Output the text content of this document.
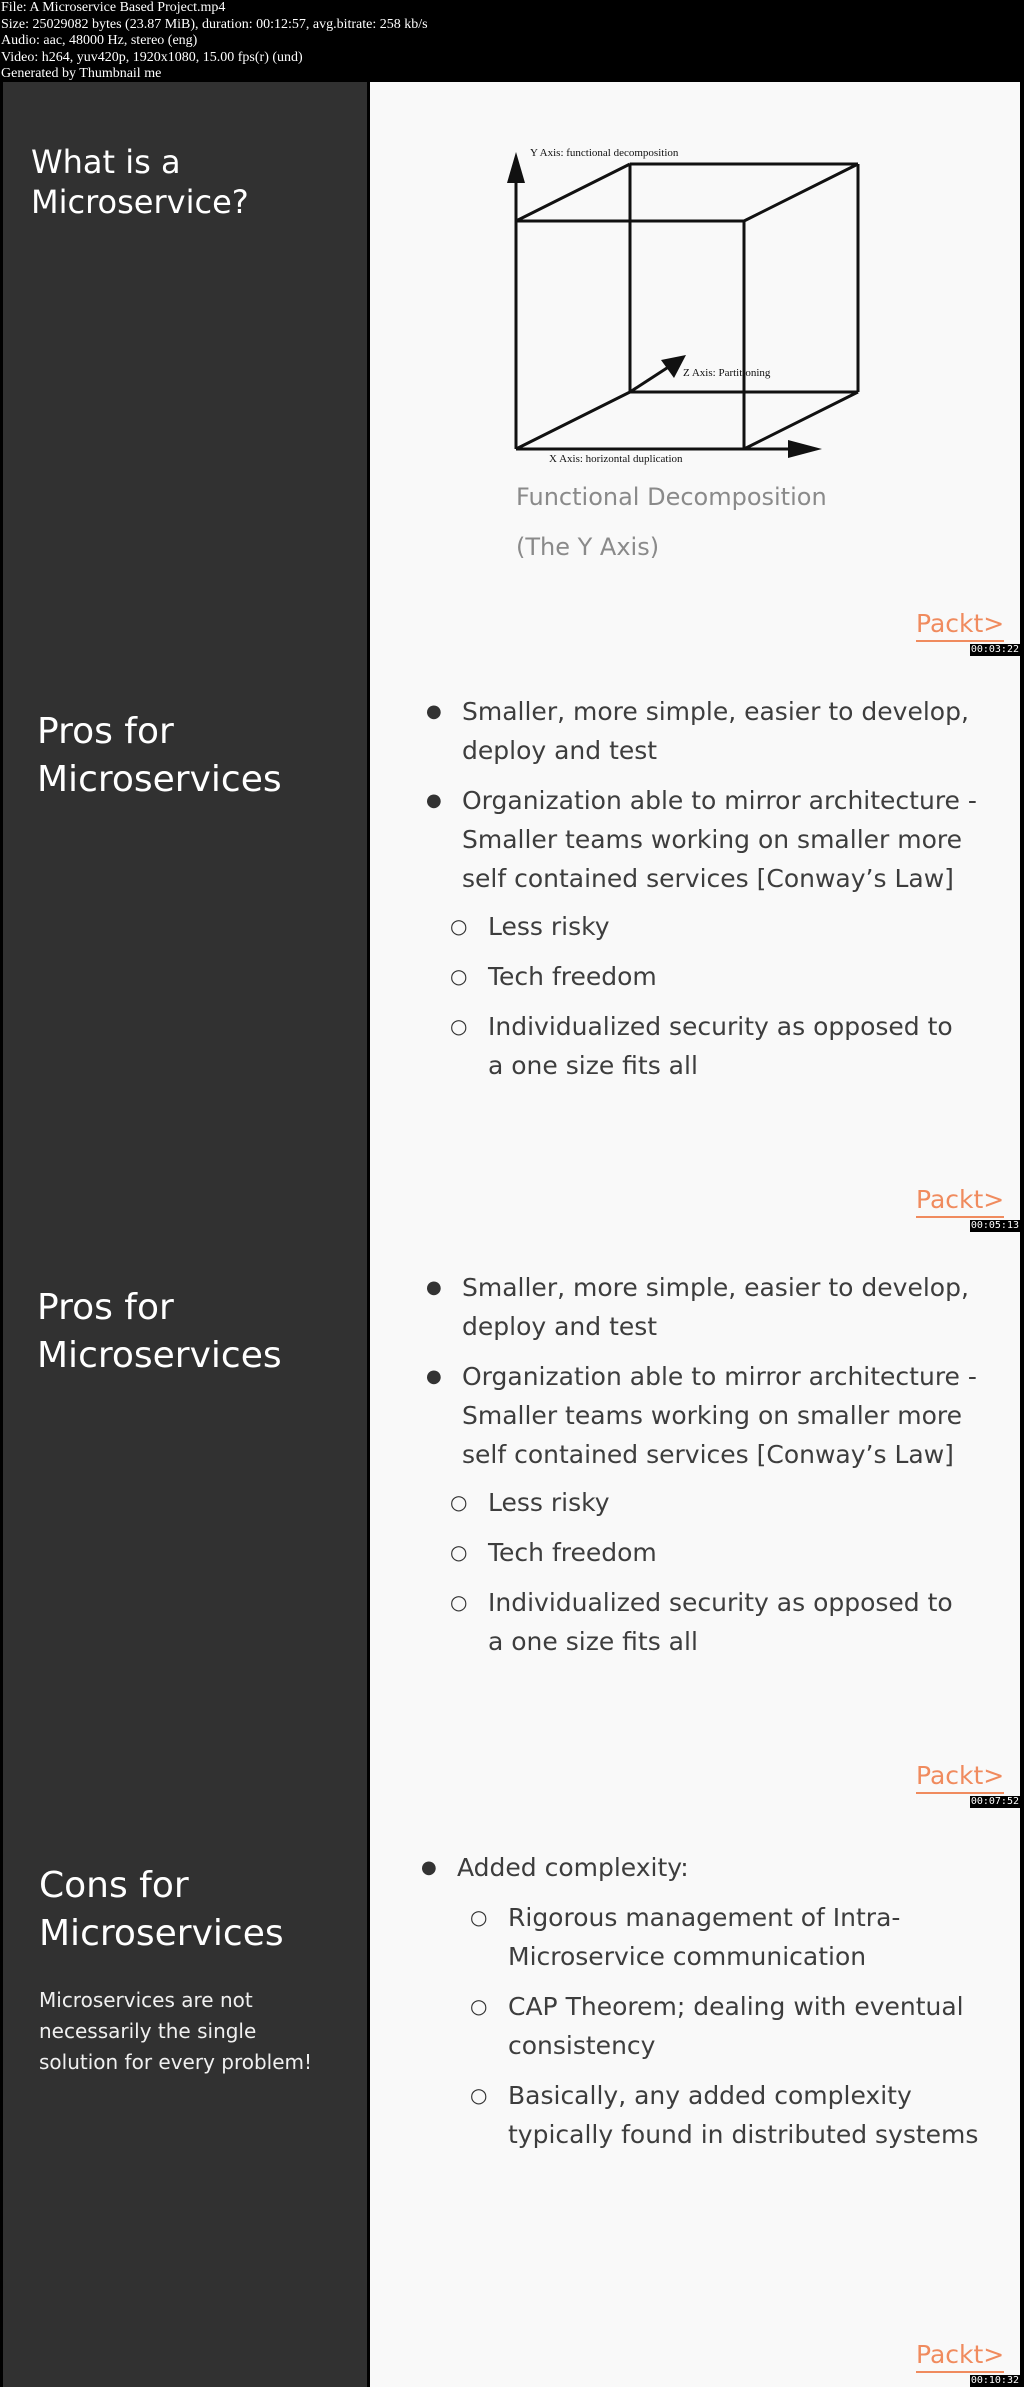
File: A Microservice Based Project.mp4
Size: 25029082 bytes (23.87 MiB), duration: 00:12:57, avg.bitrate: 258 kb/s
Audio: aac, 48000 Hz, stereo (eng)
Video: h264, yuv420p, 1920x1080, 15.00 fps(r) (und)
Generated by Thumbnail me
What is a Microservice?
Y Axis: functional decomposition
Z Axis: Partitioning
X Axis: horizontal duplication
Functional Decomposition
(The Y Axis)
Packt>
00:03:22
Pros for Microservices
● Smaller, more simple, easier to develop, deploy and test
● Organization able to mirror architecture - Smaller teams working on smaller more self contained services [Conway’s Law]
○ Less risky
○ Tech freedom
○ Individualized security as opposed to a one size fits all
Packt>
00:05:13
Pros for Microservices
● Smaller, more simple, easier to develop, deploy and test
● Organization able to mirror architecture - Smaller teams working on smaller more self contained services [Conway’s Law]
○ Less risky
○ Tech freedom
○ Individualized security as opposed to a one size fits all
Packt>
00:07:52
Cons for Microservices
Microservices are not necessarily the single solution for every problem!
● Added complexity:
○ Rigorous management of Intra-Microservice communication
○ CAP Theorem; dealing with eventual consistency
○ Basically, any added complexity typically found in distributed systems
Packt>
00:10:32
